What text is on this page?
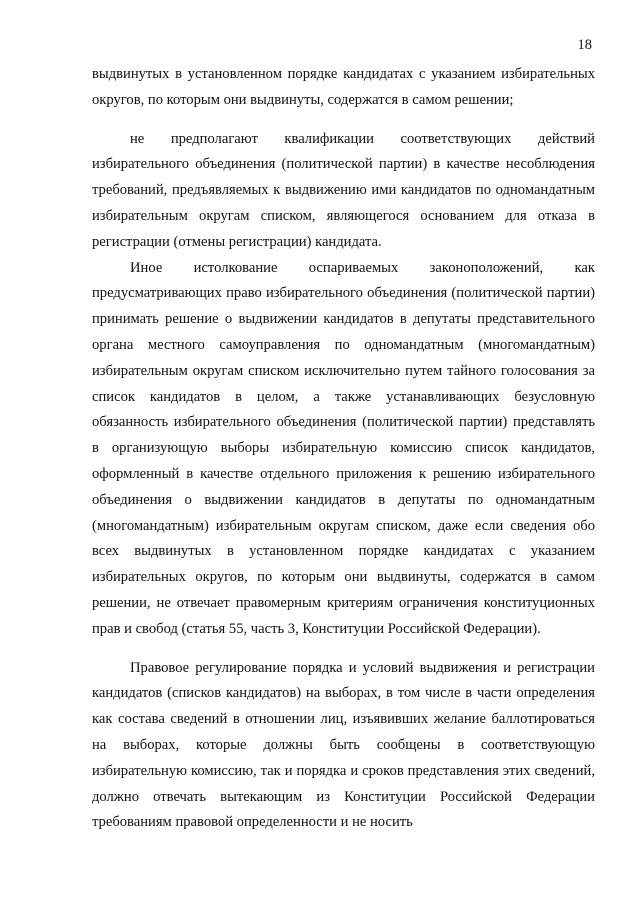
18

выдвинутых в установленном порядке кандидатах с указанием избирательных округов, по которым они выдвинуты, содержатся в самом решении;

не предполагают квалификации соответствующих действий избирательного объединения (политической партии) в качестве несоблюдения требований, предъявляемых к выдвижению ими кандидатов по одномандатным избирательным округам списком, являющегося основанием для отказа в регистрации (отмены регистрации) кандидата.

Иное истолкование оспариваемых законоположений, как предусматривающих право избирательного объединения (политической партии) принимать решение о выдвижении кандидатов в депутаты представительного органа местного самоуправления по одномандатным (многомандатным) избирательным округам списком исключительно путем тайного голосования за список кандидатов в целом, а также устанавливающих безусловную обязанность избирательного объединения (политической партии) представлять в организующую выборы избирательную комиссию список кандидатов, оформленный в качестве отдельного приложения к решению избирательного объединения о выдвижении кандидатов в депутаты по одномандатным (многомандатным) избирательным округам списком, даже если сведения обо всех выдвинутых в установленном порядке кандидатах с указанием избирательных округов, по которым они выдвинуты, содержатся в самом решении, не отвечает правомерным критериям ограничения конституционных прав и свобод (статья 55, часть 3, Конституции Российской Федерации).

Правовое регулирование порядка и условий выдвижения и регистрации кандидатов (списков кандидатов) на выборах, в том числе в части определения как состава сведений в отношении лиц, изъявивших желание баллотироваться на выборах, которые должны быть сообщены в соответствующую избирательную комиссию, так и порядка и сроков представления этих сведений, должно отвечать вытекающим из Конституции Российской Федерации требованиям правовой определенности и не носить
